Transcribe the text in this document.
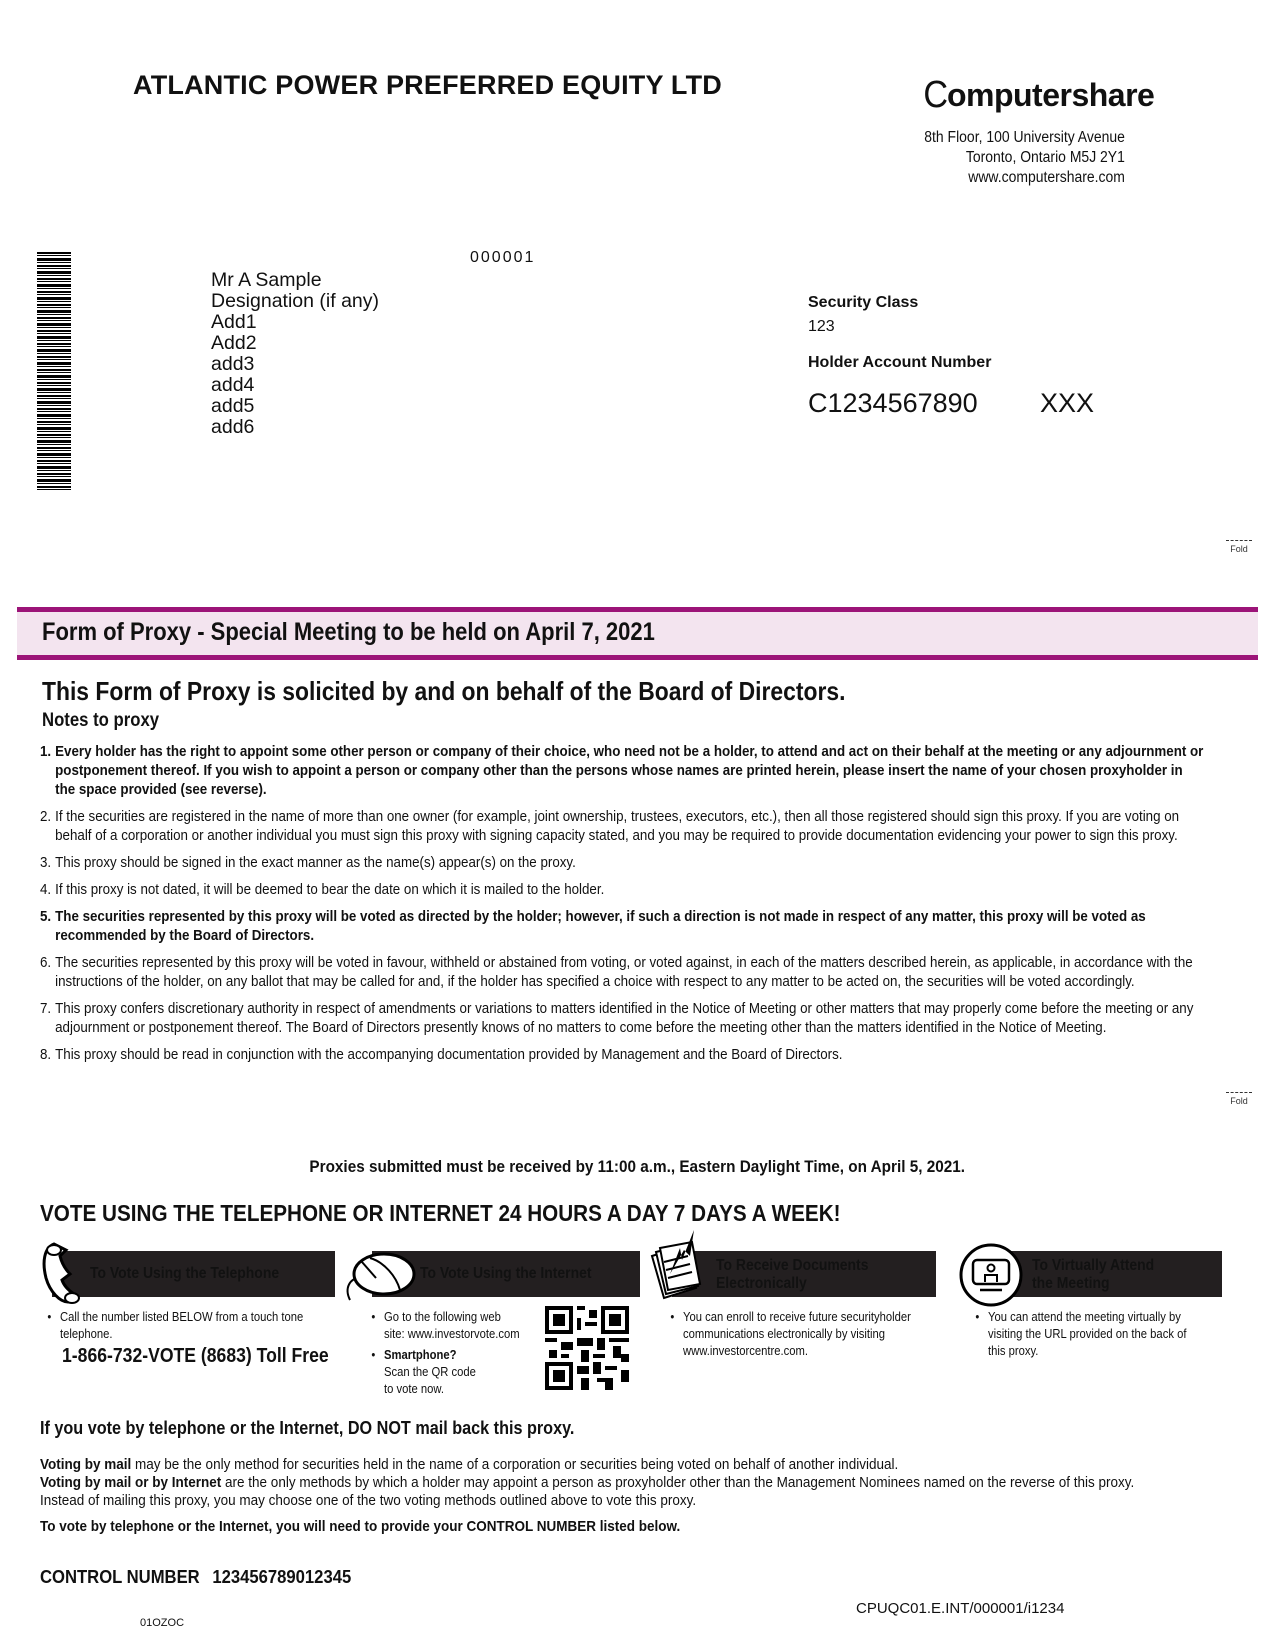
ATLANTIC POWER PREFERRED EQUITY LTD	C omputershare
8th Floor, 100 University Avenue
Toronto, Ontario M5J 2Y1
www.computershare.com
000001
Mr A Sample
Designation (if any)
Add1
Add2
add3
add4
add5
add6
Security Class
123
Holder Account Number
C1234567890 XXX
Fold
Fold
Form of Proxy - Special Meeting to be held on April 7, 2021
This Form of Proxy is solicited by and on behalf of the Board of Directors.
Notes to proxy
1. Every holder has the right to appoint some other person or company of their choice, who need not be a holder, to attend and act on their behalf at the meeting or any adjournment or postponement thereof. If you wish to appoint a person or company other than the persons whose names are printed herein, please insert the name of your chosen proxyholder in the space provided (see reverse).
2. If the securities are registered in the name of more than one owner (for example, joint ownership, trustees, executors, etc.), then all those registered should sign this proxy. If you are voting on behalf of a corporation or another individual you must sign this proxy with signing capacity stated, and you may be required to provide documentation evidencing your power to sign this proxy.
3. This proxy should be signed in the exact manner as the name(s) appear(s) on the proxy.
4. If this proxy is not dated, it will be deemed to bear the date on which it is mailed to the holder.
5. The securities represented by this proxy will be voted as directed by the holder; however, if such a direction is not made in respect of any matter, this proxy will be voted as recommended by the Board of Directors.
6. The securities represented by this proxy will be voted in favour, withheld or abstained from voting, or voted against, in each of the matters described herein, as applicable, in accordance with the instructions of the holder, on any ballot that may be called for and, if the holder has specified a choice with respect to any matter to be acted on, the securities will be voted accordingly.
7. This proxy confers discretionary authority in respect of amendments or variations to matters identified in the Notice of Meeting or other matters that may properly come before the meeting or any adjournment or postponement thereof. The Board of Directors presently knows of no matters to come before the meeting other than the matters identified in the Notice of Meeting.
8. This proxy should be read in conjunction with the accompanying documentation provided by Management and the Board of Directors.
Proxies submitted must be received by 11:00 a.m., Eastern Daylight Time, on April 5, 2021.
VOTE USING THE TELEPHONE OR INTERNET 24 HOURS A DAY 7 DAYS A WEEK!
To Vote Using the Telephone
• Call the number listed BELOW from a touch tone telephone.
1-866-732-VOTE (8683) Toll Free
To Vote Using the Internet
• Go to the following web
site: www.investorvote.com
• Smartphone?
Scan the QR code
to vote now.
To Receive Documents
Electronically
• You can enroll to receive future securityholder communications electronically by visiting www.investorcentre.com.
To Virtually Attend
the Meeting
• You can attend the meeting virtually by visiting the URL provided on the back of this proxy.
If you vote by telephone or the Internet, DO NOT mail back this proxy.
Voting by mail may be the only method for securities held in the name of a corporation or securities being voted on behalf of another individual.
Voting by mail or by Internet are the only methods by which a holder may appoint a person as proxyholder other than the Management Nominees named on the reverse of this proxy.
Instead of mailing this proxy, you may choose one of the two voting methods outlined above to vote this proxy.
To vote by telephone or the Internet, you will need to provide your CONTROL NUMBER listed below.
CONTROL NUMBER 123456789012345
01OZOC
CPUQC01.E.INT/000001/i1234
